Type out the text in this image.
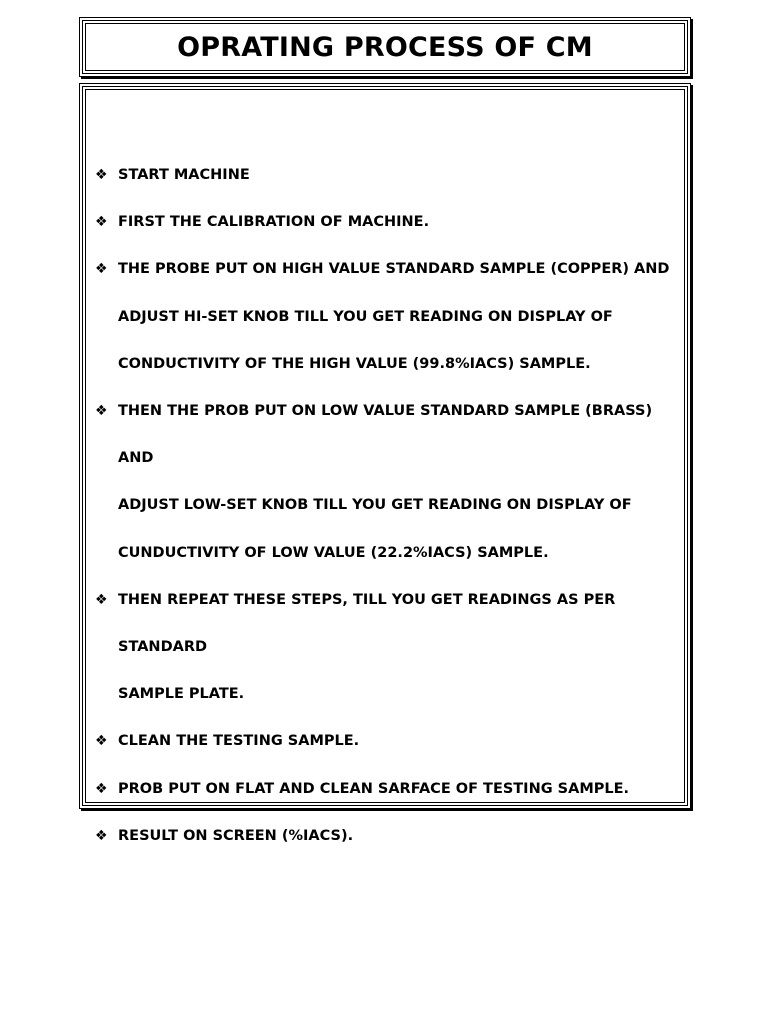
OPRATING PROCESS OF CM
❖ START MACHINE
❖ FIRST THE CALIBRATION OF MACHINE.
❖ THE PROBE PUT ON HIGH VALUE STANDARD SAMPLE (COPPER) AND
ADJUST HI-SET KNOB TILL YOU GET READING ON DISPLAY OF
CONDUCTIVITY OF THE HIGH VALUE (99.8%IACS) SAMPLE.
❖ THEN THE PROB PUT ON LOW VALUE STANDARD SAMPLE (BRASS) AND
ADJUST LOW-SET KNOB TILL YOU GET READING ON DISPLAY OF
CUNDUCTIVITY OF LOW VALUE (22.2%IACS) SAMPLE.
❖ THEN REPEAT THESE STEPS, TILL YOU GET READINGS AS PER STANDARD
SAMPLE PLATE.
❖ CLEAN THE TESTING SAMPLE.
❖ PROB PUT ON FLAT AND CLEAN SARFACE OF TESTING SAMPLE.
❖ RESULT ON SCREEN (%IACS).
